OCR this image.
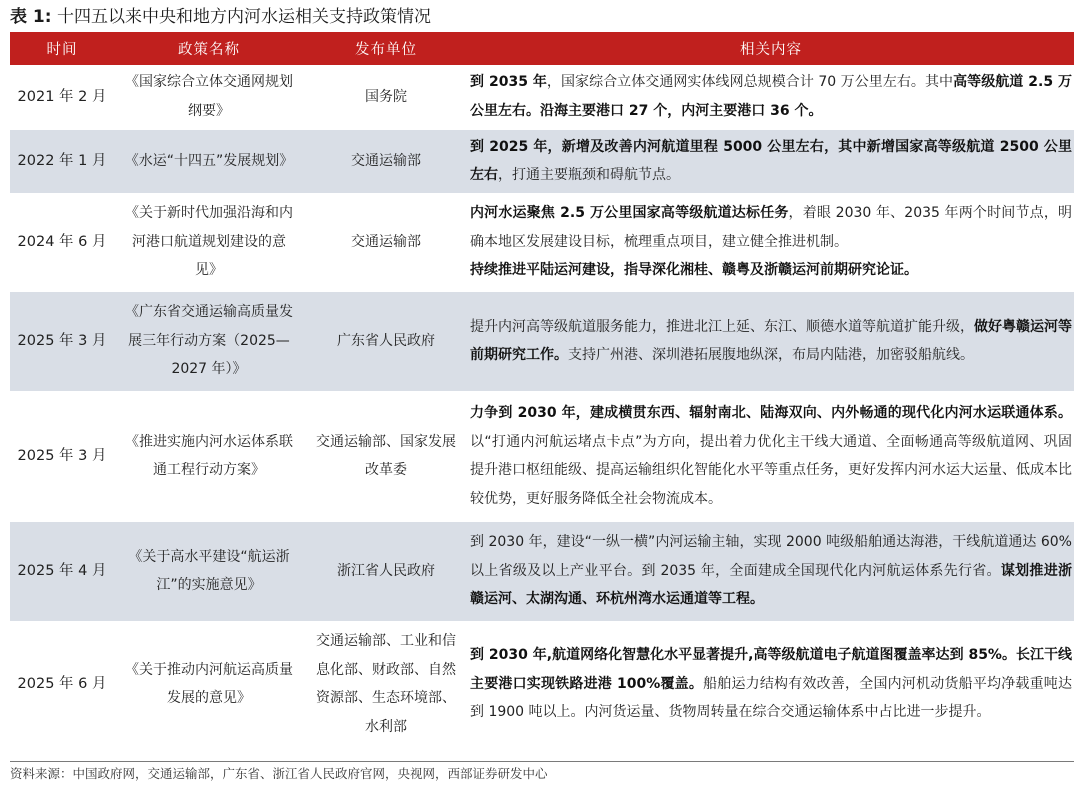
表 1: 十四五以来中央和地方内河水运相关支持政策情况
时间	政策名称	发布单位	相关内容
2021 年 2 月	《国家综合立体交通网规划纲要》	国务院	到 2035 年，国家综合立体交通网实体线网总规模合计 70 万公里左右。其中高等级航道 2.5 万公里左右。沿海主要港口 27 个，内河主要港口 36 个。
2022 年 1 月	《水运“十四五”发展规划》	交通运输部	到 2025 年，新增及改善内河航道里程 5000 公里左右，其中新增国家高等级航道 2500 公里左右，打通主要瓶颈和碍航节点。
2024 年 6 月	《关于新时代加强沿海和内河港口航道规划建设的意见》	交通运输部	内河水运聚焦 2.5 万公里国家高等级航道达标任务，着眼 2030 年、2035 年两个时间节点，明确本地区发展建设目标，梳理重点项目，建立健全推进机制。
持续推进平陆运河建设，指导深化湘桂、赣粤及浙赣运河前期研究论证。
2025 年 3 月	《广东省交通运输高质量发展三年行动方案（2025—2027 年）》	广东省人民政府	提升内河高等级航道服务能力，推进北江上延、东江、顺德水道等航道扩能升级，做好粤赣运河等前期研究工作。支持广州港、深圳港拓展腹地纵深，布局内陆港，加密驳船航线。
2025 年 3 月	《推进实施内河水运体系联通工程行动方案》	交通运输部、国家发展改革委	力争到 2030 年，建成横贯东西、辐射南北、陆海双向、内外畅通的现代化内河水运联通体系。以“打通内河航运堵点卡点”为方向，提出着力优化主干线大通道、全面畅通高等级航道网、巩固提升港口枢纽能级、提高运输组织化智能化水平等重点任务，更好发挥内河水运大运量、低成本比较优势，更好服务降低全社会物流成本。
2025 年 4 月	《关于高水平建设“航运浙江”的实施意见》	浙江省人民政府	到 2030 年，建设“一纵一横”内河运输主轴，实现 2000 吨级船舶通达海港，干线航道通达 60%以上省级及以上产业平台。到 2035 年，全面建成全国现代化内河航运体系先行省。谋划推进浙赣运河、太湖沟通、环杭州湾水运通道等工程。
2025 年 6 月	《关于推动内河航运高质量发展的意见》	交通运输部、工业和信息化部、财政部、自然资源部、生态环境部、水利部	到 2030 年,航道网络化智慧化水平显著提升,高等级航道电子航道图覆盖率达到 85%。长江干线主要港口实现铁路进港 100%覆盖。船舶运力结构有效改善，全国内河机动货船平均净载重吨达到 1900 吨以上。内河货运量、货物周转量在综合交通运输体系中占比进一步提升。
资料来源：中国政府网，交通运输部，广东省、浙江省人民政府官网，央视网，西部证券研发中心
